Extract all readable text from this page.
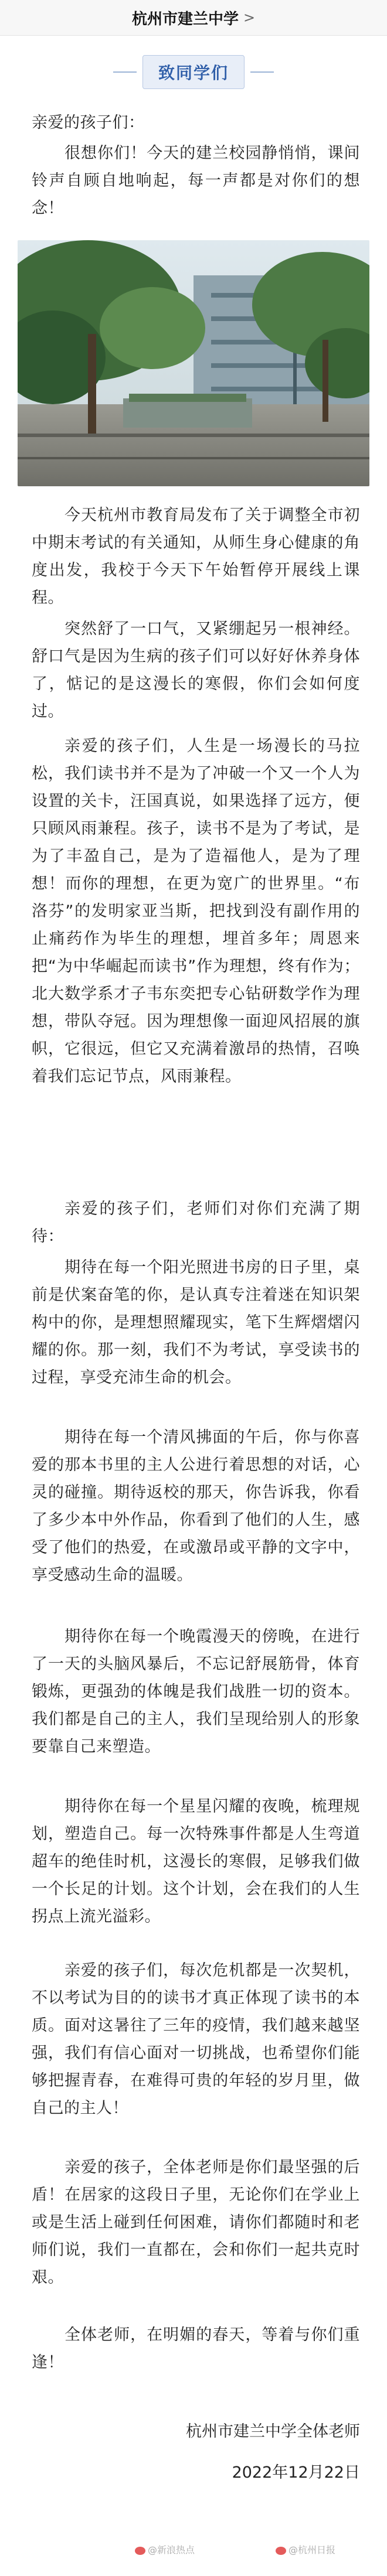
杭州市建兰中学 >
致同学们
亲爱的孩子们：
很想你们！今天的建兰校园静悄悄，课间铃声自顾自地响起，每一声都是对你们的想念！
今天杭州市教育局发布了关于调整全市初中期末考试的有关通知，从师生身心健康的角度出发，我校于今天下午始暂停开展线上课程。
突然舒了一口气，又紧绷起另一根神经。舒口气是因为生病的孩子们可以好好休养身体了，惦记的是这漫长的寒假，你们会如何度过。
亲爱的孩子们，人生是一场漫长的马拉松，我们读书并不是为了冲破一个又一个人为设置的关卡，汪国真说，如果选择了远方，便只顾风雨兼程。孩子，读书不是为了考试，是为了丰盈自己，是为了造福他人，是为了理想！而你的理想，在更为宽广的世界里。“布洛芬”的发明家亚当斯，把找到没有副作用的止痛药作为毕生的理想，埋首多年；周恩来把“为中华崛起而读书”作为理想，终有作为；北大数学系才子韦东奕把专心钻研数学作为理想，带队夺冠。因为理想像一面迎风招展的旗帜，它很远，但它又充满着激昂的热情，召唤着我们忘记节点，风雨兼程。
亲爱的孩子们，老师们对你们充满了期待：
期待在每一个阳光照进书房的日子里，桌前是伏案奋笔的你，是认真专注着迷在知识架构中的你，是理想照耀现实，笔下生辉熠熠闪耀的你。那一刻，我们不为考试，享受读书的过程，享受充沛生命的机会。
期待在每一个清风拂面的午后，你与你喜爱的那本书里的主人公进行着思想的对话，心灵的碰撞。期待返校的那天，你告诉我，你看了多少本中外作品，你看到了他们的人生，感受了他们的热爱，在或激昂或平静的文字中，享受感动生命的温暖。
期待你在每一个晚霞漫天的傍晚，在进行了一天的头脑风暴后，不忘记舒展筋骨，体育锻炼，更强劲的体魄是我们战胜一切的资本。我们都是自己的主人，我们呈现给别人的形象要靠自己来塑造。
期待你在每一个星星闪耀的夜晚，梳理规划，塑造自己。每一次特殊事件都是人生弯道超车的绝佳时机，这漫长的寒假，足够我们做一个长足的计划。这个计划，会在我们的人生拐点上流光溢彩。
亲爱的孩子们，每次危机都是一次契机，不以考试为目的的读书才真正体现了读书的本质。面对这暑往了三年的疫情，我们越来越坚强，我们有信心面对一切挑战，也希望你们能够把握青春，在难得可贵的年轻的岁月里，做自己的主人！
亲爱的孩子，全体老师是你们最坚强的后盾！在居家的这段日子里，无论你们在学业上或是生活上碰到任何困难，请你们都随时和老师们说，我们一直都在，会和你们一起共克时艰。
全体老师，在明媚的春天，等着与你们重逢！
杭州市建兰中学全体老师
2022年12月22日
@新浪热点	@杭州日报
